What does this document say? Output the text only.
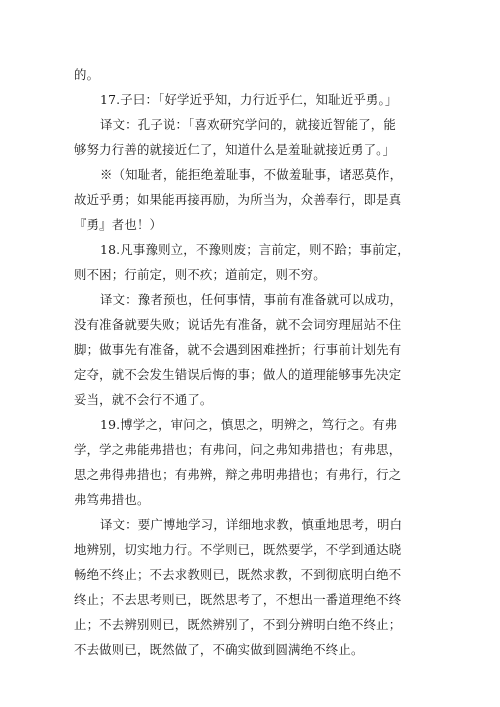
的。
17.子曰：「好学近乎知，力行近乎仁，知耻近乎勇。」
译文：孔子说：「喜欢研究学问的，就接近智能了，能
够努力行善的就接近仁了，知道什么是羞耻就接近勇了。」
※（知耻者，能拒绝羞耻事，不做羞耻事，诸恶莫作，
故近乎勇；如果能再接再励，为所当为，众善奉行，即是真
『勇』者也！）
18.凡事豫则立，不豫则废；言前定，则不跲；事前定，
则不困；行前定，则不疚；道前定，则不穷。
译文：豫者预也，任何事情，事前有准备就可以成功，
没有准备就要失败；说话先有准备，就不会词穷理屈站不住
脚；做事先有准备，就不会遇到困难挫折；行事前计划先有
定夺，就不会发生错误后悔的事；做人的道理能够事先决定
妥当，就不会行不通了。
19.博学之，审问之，慎思之，明辨之，笃行之。有弗
学，学之弗能弗措也；有弗问，问之弗知弗措也；有弗思，
思之弗得弗措也；有弗辨，辩之弗明弗措也；有弗行，行之
弗笃弗措也。
译文：要广博地学习，详细地求教，慎重地思考，明白
地辨别，切实地力行。不学则已，既然要学，不学到通达晓
畅绝不终止；不去求教则已，既然求教，不到彻底明白绝不
终止；不去思考则已，既然思考了，不想出一番道理绝不终
止；不去辨别则已，既然辨别了，不到分辨明白绝不终止；
不去做则已，既然做了，不确实做到圆满绝不终止。
